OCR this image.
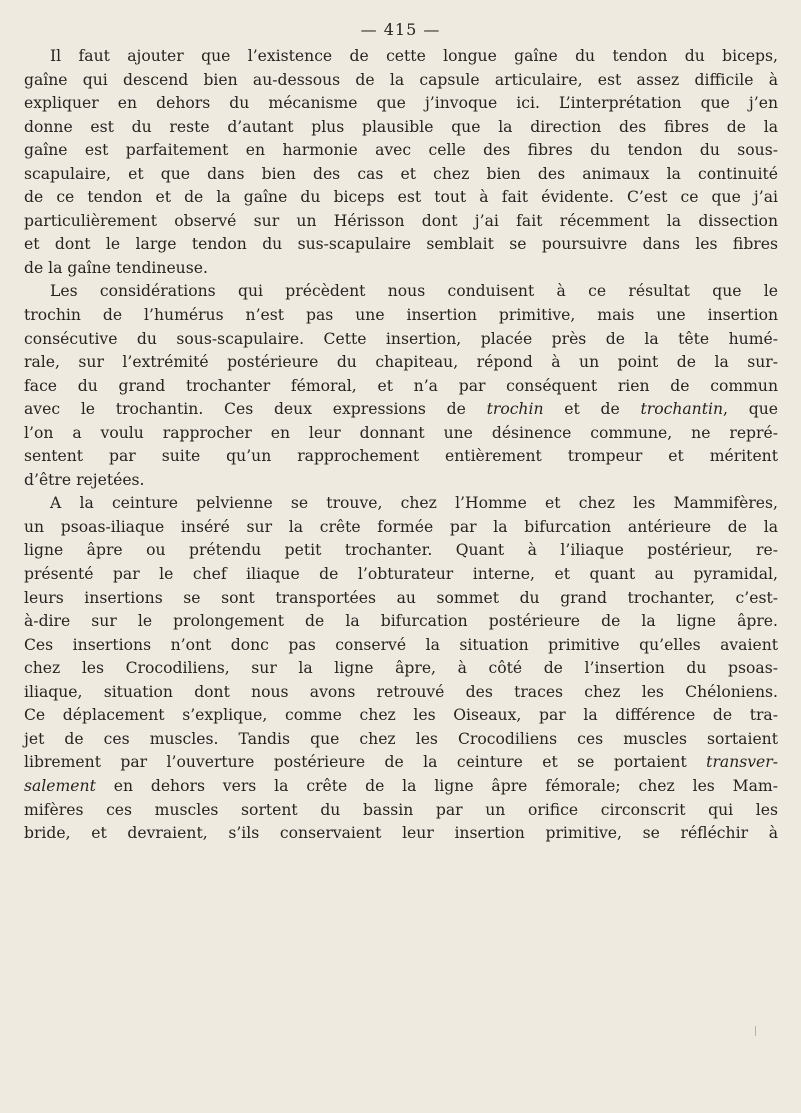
— 415 —
Il faut ajouter que l’existence de cette longue gaîne du tendon du biceps,
gaîne qui descend bien au-dessous de la capsule articulaire, est assez difficile à
expliquer en dehors du mécanisme que j’invoque ici. L’interprétation que j’en
donne est du reste d’autant plus plausible que la direction des fibres de la
gaîne est parfaitement en harmonie avec celle des fibres du tendon du sous-
scapulaire, et que dans bien des cas et chez bien des animaux la continuité
de ce tendon et de la gaîne du biceps est tout à fait évidente. C’est ce que j’ai
particulièrement observé sur un Hérisson dont j’ai fait récemment la dissection
et dont le large tendon du sus-scapulaire semblait se poursuivre dans les fibres
de la gaîne tendineuse.
Les considérations qui précèdent nous conduisent à ce résultat que le
trochin de l’humérus n’est pas une insertion primitive, mais une insertion
consécutive du sous-scapulaire. Cette insertion, placée près de la tête humé-
rale, sur l’extrémité postérieure du chapiteau, répond à un point de la sur-
face du grand trochanter fémoral, et n’a par conséquent rien de commun
avec le trochantin. Ces deux expressions de trochin et de trochantin, que
l’on a voulu rapprocher en leur donnant une désinence commune, ne repré-
sentent par suite qu’un rapprochement entièrement trompeur et méritent
d’être rejetées.
A la ceinture pelvienne se trouve, chez l’Homme et chez les Mammifères,
un psoas-iliaque inséré sur la crête formée par la bifurcation antérieure de la
ligne âpre ou prétendu petit trochanter. Quant à l’iliaque postérieur, re-
présenté par le chef iliaque de l’obturateur interne, et quant au pyramidal,
leurs insertions se sont transportées au sommet du grand trochanter, c’est-
à-dire sur le prolongement de la bifurcation postérieure de la ligne âpre.
Ces insertions n’ont donc pas conservé la situation primitive qu’elles avaient
chez les Crocodiliens, sur la ligne âpre, à côté de l’insertion du psoas-
iliaque, situation dont nous avons retrouvé des traces chez les Chéloniens.
Ce déplacement s’explique, comme chez les Oiseaux, par la différence de tra-
jet de ces muscles. Tandis que chez les Crocodiliens ces muscles sortaient
librement par l’ouverture postérieure de la ceinture et se portaient transver-
salement en dehors vers la crête de la ligne âpre fémorale; chez les Mam-
mifères ces muscles sortent du bassin par un orifice circonscrit qui les
bride, et devraient, s’ils conservaient leur insertion primitive, se réfléchir à
